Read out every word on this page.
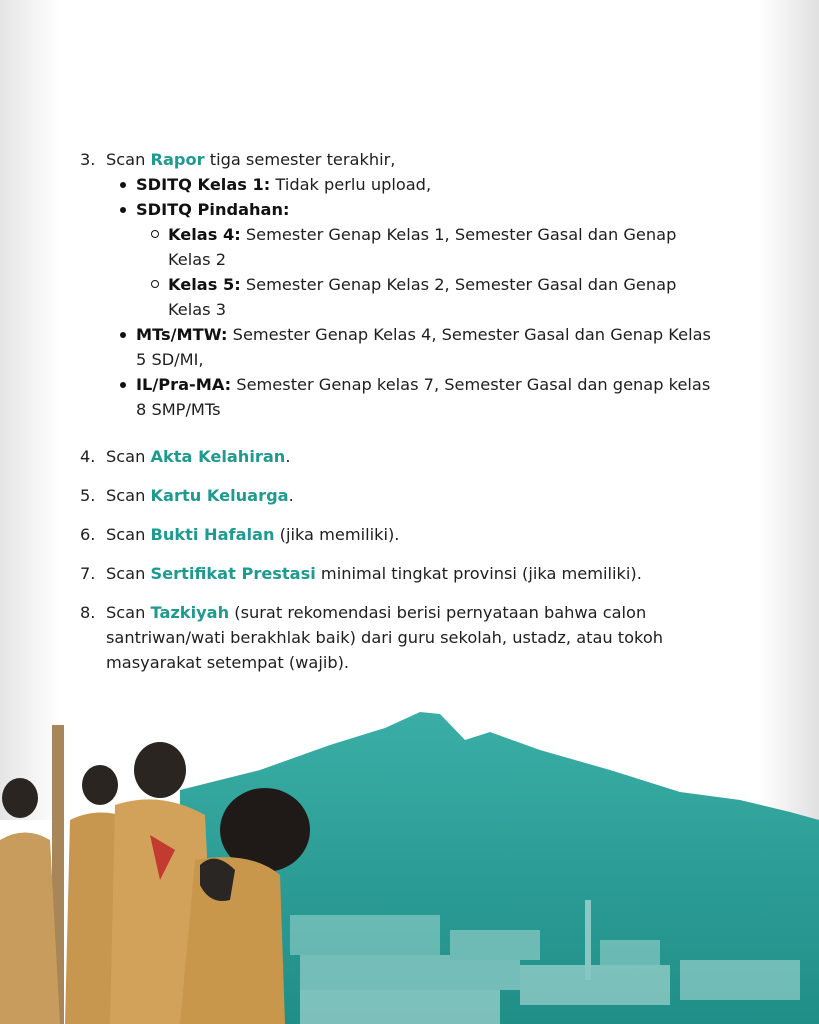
3. Scan Rapor tiga semester terakhir,
SDITQ Kelas 1: Tidak perlu upload,
SDITQ Pindahan:
Kelas 4: Semester Genap Kelas 1, Semester Gasal dan Genap Kelas 2
Kelas 5: Semester Genap Kelas 2, Semester Gasal dan Genap Kelas 3
MTs/MTW: Semester Genap Kelas 4, Semester Gasal dan Genap Kelas 5 SD/MI,
IL/Pra-MA: Semester Genap kelas 7, Semester Gasal dan genap kelas 8 SMP/MTs
4. Scan Akta Kelahiran.
5. Scan Kartu Keluarga.
6. Scan Bukti Hafalan (jika memiliki).
7. Scan Sertifikat Prestasi minimal tingkat provinsi (jika memiliki).
8. Scan Tazkiyah (surat rekomendasi berisi pernyataan bahwa calon santriwan/wati berakhlak baik) dari guru sekolah, ustadz, atau tokoh masyarakat setempat (wajib).
